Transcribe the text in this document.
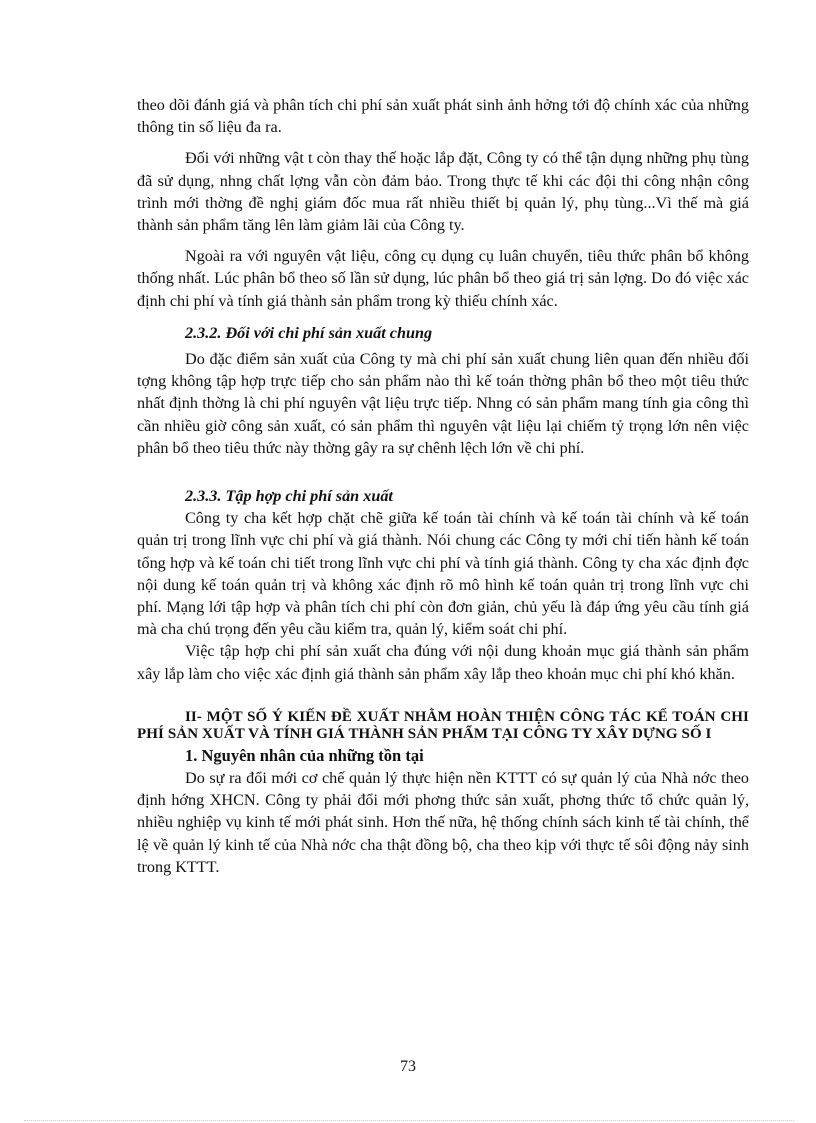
theo dõi đánh giá và phân tích chi phí sản xuất phát sinh ảnh hởng tới độ chính xác của những thông tin số liệu đa ra.

Đối với những vật t còn thay thế hoặc lắp đặt, Công ty có thể tận dụng những phụ tùng đã sử dụng, nhng chất lợng vẫn còn đảm bảo. Trong thực tế khi các đội thi công nhận công trình mới thờng đề nghị giám đốc mua rất nhiều thiết bị quản lý, phụ tùng...Vì thế mà giá thành sản phẩm tăng lên làm giảm lãi của Công ty.

Ngoài ra với nguyên vật liệu, công cụ dụng cụ luân chuyển, tiêu thức phân bổ không thống nhất. Lúc phân bổ theo số lần sử dụng, lúc phân bổ theo giá trị sản lợng. Do đó việc xác định chi phí và tính giá thành sản phẩm trong kỳ thiếu chính xác.

2.3.2. Đối với chi phí sản xuất chung

Do đặc điểm sản xuất của Công ty mà chi phí sản xuất chung liên quan đến nhiều đối tợng không tập hợp trực tiếp cho sản phẩm nào thì kế toán thờng phân bổ theo một tiêu thức nhất định thờng là chi phí nguyên vật liệu trực tiếp. Nhng có sản phẩm mang tính gia công thì cần nhiều giờ công sản xuất, có sản phẩm thì nguyên vật liệu lại chiếm tỷ trọng lớn nên việc phân bổ theo tiêu thức này thờng gây ra sự chênh lệch lớn về chi phí.

2.3.3. Tập hợp chi phí sản xuất

Công ty cha kết hợp chặt chẽ giữa kế toán tài chính và kế toán tài chính và kế toán quản trị trong lĩnh vực chi phí và giá thành. Nói chung các Công ty mới chỉ tiến hành kế toán tổng hợp và kế toán chi tiết trong lĩnh vực chi phí và tính giá thành. Công ty cha xác định đợc nội dung kế toán quản trị và không xác định rõ mô hình kế toán quản trị trong lĩnh vực chi phí. Mạng lới tập hợp và phân tích chi phí còn đơn giản, chủ yếu là đáp ứng yêu cầu tính giá mà cha chú trọng đến yêu cầu kiểm tra, quản lý, kiểm soát chi phí.

Việc tập hợp chi phí sản xuất cha đúng với nội dung khoản mục giá thành sản phẩm xây lắp làm cho việc xác định giá thành sản phẩm xây lắp theo khoản mục chi phí khó khăn.

II- MỘT SỐ Ý KIẾN ĐỀ XUẤT NHẰM HOÀN THIỆN CÔNG TÁC KẾ TOÁN CHI PHÍ SẢN XUẤT VÀ TÍNH GIÁ THÀNH SẢN PHẨM TẠI CÔNG TY XÂY DỰNG SỐ I

1. Nguyên nhân của những tồn tại

Do sự ra đổi mới cơ chế quản lý thực hiện nền KTTT có sự quản lý của Nhà nớc theo định hớng XHCN. Công ty phải đổi mới phơng thức sản xuất, phơng thức tổ chức quản lý, nhiều nghiệp vụ kinh tế mới phát sinh. Hơn thế nữa, hệ thống chính sách kinh tế tài chính, thể lệ về quản lý kinh tế của Nhà nớc cha thật đồng bộ, cha theo kịp với thực tế sôi động nảy sinh trong KTTT.

73
